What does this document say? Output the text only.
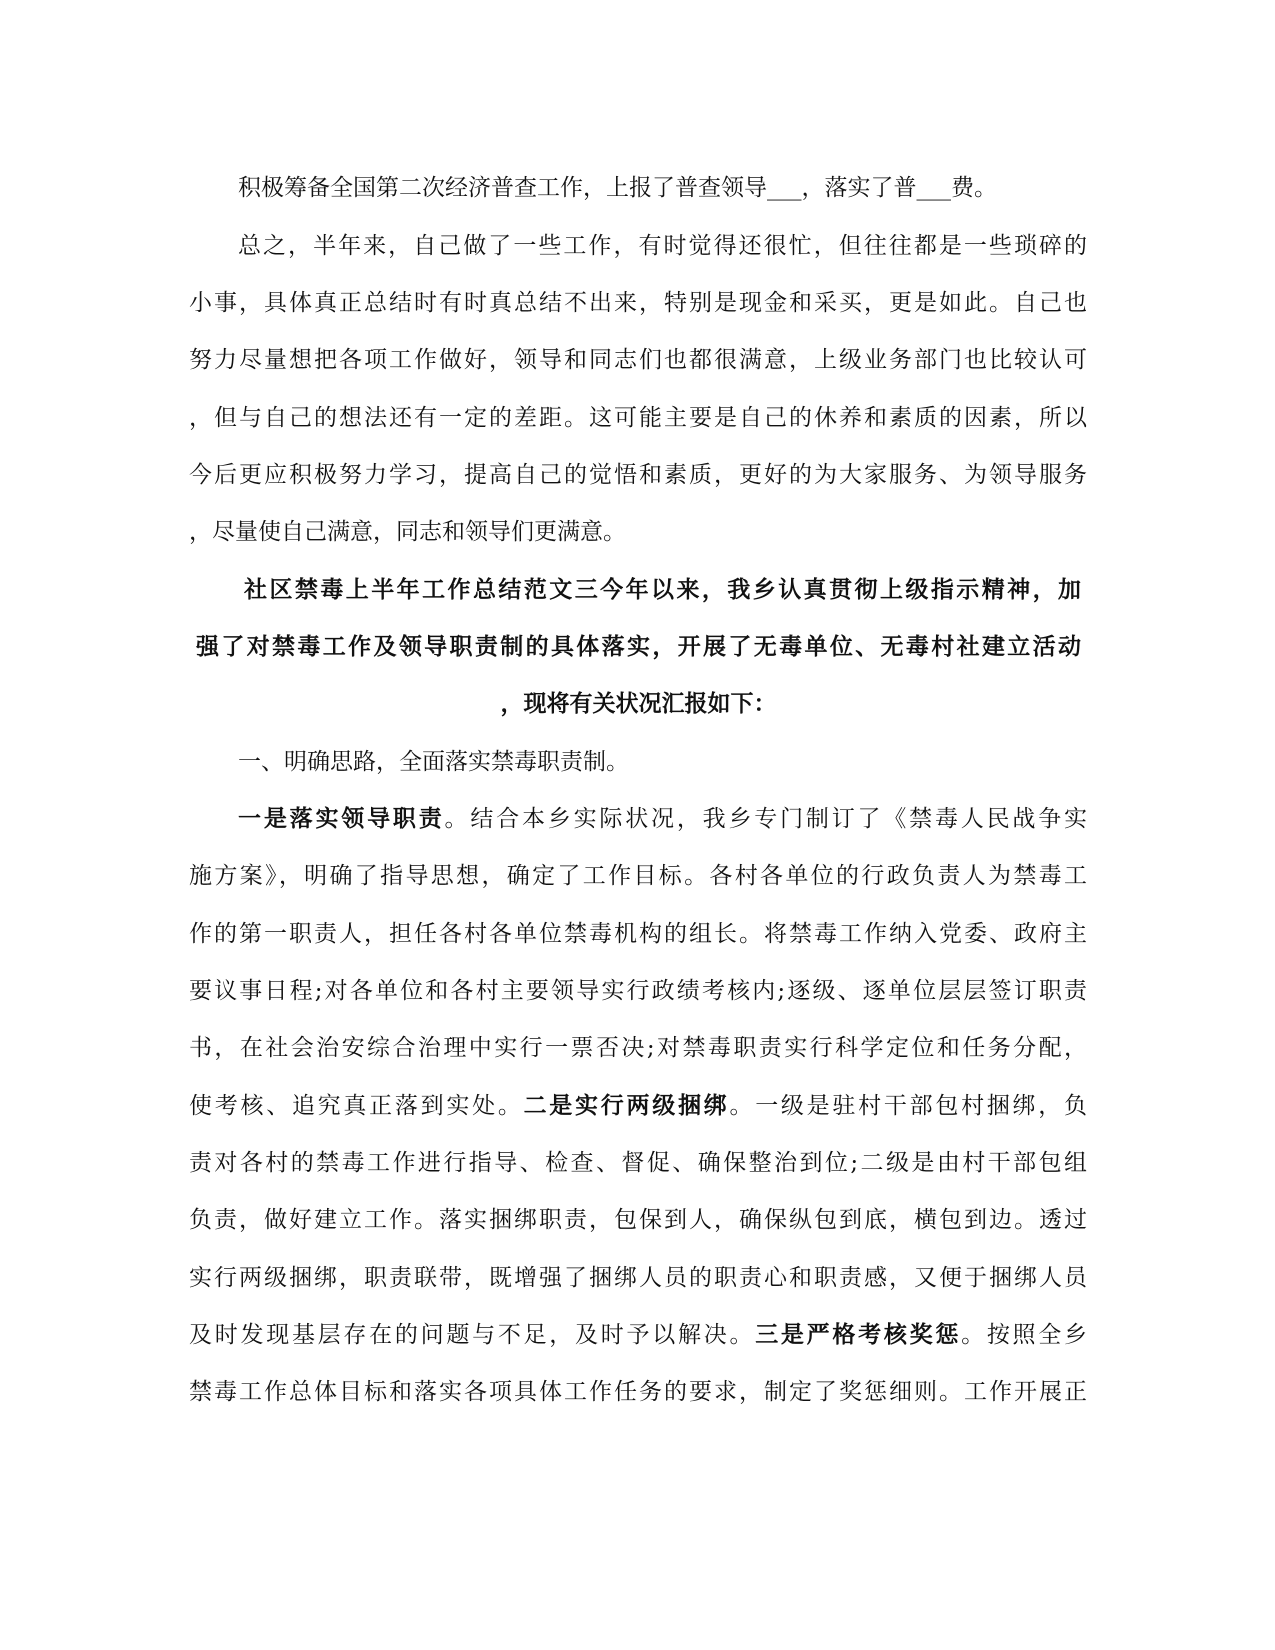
积极筹备全国第二次经济普查工作，上报了普查领导___，落实了普___费。
总之，半年来，自己做了一些工作，有时觉得还很忙，但往往都是一些琐碎的
小事，具体真正总结时有时真总结不出来，特别是现金和采买，更是如此。自己也
努力尽量想把各项工作做好，领导和同志们也都很满意，上级业务部门也比较认可
，但与自己的想法还有一定的差距。这可能主要是自己的休养和素质的因素，所以
今后更应积极努力学习，提高自己的觉悟和素质，更好的为大家服务、为领导服务
，尽量使自己满意，同志和领导们更满意。
社区禁毒上半年工作总结范文三今年以来，我乡认真贯彻上级指示精神，加
强了对禁毒工作及领导职责制的具体落实，开展了无毒单位、无毒村社建立活动
，现将有关状况汇报如下：
一、明确思路，全面落实禁毒职责制。
一是落实领导职责。结合本乡实际状况，我乡专门制订了《禁毒人民战争实
施方案》，明确了指导思想，确定了工作目标。各村各单位的行政负责人为禁毒工
作的第一职责人，担任各村各单位禁毒机构的组长。将禁毒工作纳入党委、政府主
要议事日程;对各单位和各村主要领导实行政绩考核内;逐级、逐单位层层签订职责
书，在社会治安综合治理中实行一票否决;对禁毒职责实行科学定位和任务分配，
使考核、追究真正落到实处。二是实行两级捆绑。一级是驻村干部包村捆绑，负
责对各村的禁毒工作进行指导、检查、督促、确保整治到位;二级是由村干部包组
负责，做好建立工作。落实捆绑职责，包保到人，确保纵包到底，横包到边。透过
实行两级捆绑，职责联带，既增强了捆绑人员的职责心和职责感，又便于捆绑人员
及时发现基层存在的问题与不足，及时予以解决。三是严格考核奖惩。按照全乡
禁毒工作总体目标和落实各项具体工作任务的要求，制定了奖惩细则。工作开展正
